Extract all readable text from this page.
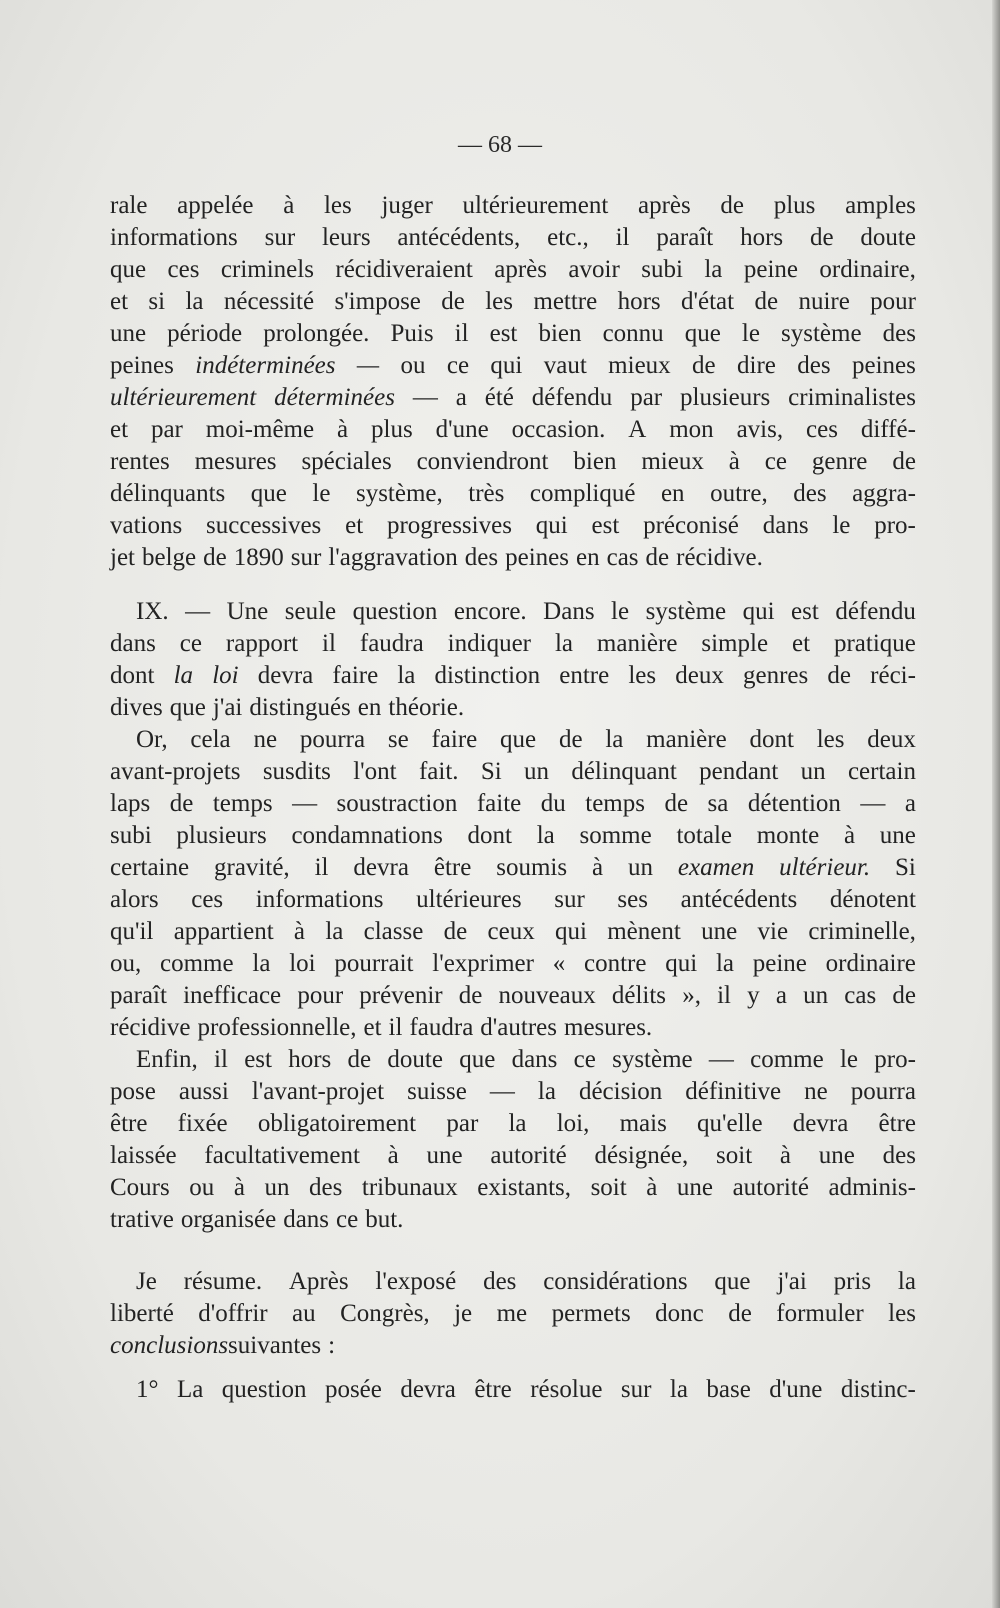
— 68 —
rale appelée à les juger ultérieurement après de plus amples
informations sur leurs antécédents, etc., il paraît hors de doute
que ces criminels récidiveraient après avoir subi la peine ordinaire,
et si la nécessité s'impose de les mettre hors d'état de nuire pour
une période prolongée. Puis il est bien connu que le système des
peines indéterminées — ou ce qui vaut mieux de dire des peines
ultérieurement déterminées — a été défendu par plusieurs criminalistes
et par moi-même à plus d'une occasion. A mon avis, ces diffé-
rentes mesures spéciales conviendront bien mieux à ce genre de
délinquants que le système, très compliqué en outre, des aggra-
vations successives et progressives qui est préconisé dans le pro-
jet belge de 1890 sur l'aggravation des peines en cas de récidive.
IX. — Une seule question encore. Dans le système qui est défendu
dans ce rapport il faudra indiquer la manière simple et pratique
dont la loi devra faire la distinction entre les deux genres de réci-
dives que j'ai distingués en théorie.
Or, cela ne pourra se faire que de la manière dont les deux
avant-projets susdits l'ont fait. Si un délinquant pendant un certain
laps de temps — soustraction faite du temps de sa détention — a
subi plusieurs condamnations dont la somme totale monte à une
certaine gravité, il devra être soumis à un examen ultérieur. Si
alors ces informations ultérieures sur ses antécédents dénotent
qu'il appartient à la classe de ceux qui mènent une vie criminelle,
ou, comme la loi pourrait l'exprimer « contre qui la peine ordinaire
paraît inefficace pour prévenir de nouveaux délits », il y a un cas de
récidive professionnelle, et il faudra d'autres mesures.
Enfin, il est hors de doute que dans ce système — comme le pro-
pose aussi l'avant-projet suisse — la décision définitive ne pourra
être fixée obligatoirement par la loi, mais qu'elle devra être
laissée facultativement à une autorité désignée, soit à une des
Cours ou à un des tribunaux existants, soit à une autorité adminis-
trative organisée dans ce but.
Je résume. Après l'exposé des considérations que j'ai pris la
liberté d'offrir au Congrès, je me permets donc de formuler les
conclusions suivantes :
1° La question posée devra être résolue sur la base d'une distinc-
